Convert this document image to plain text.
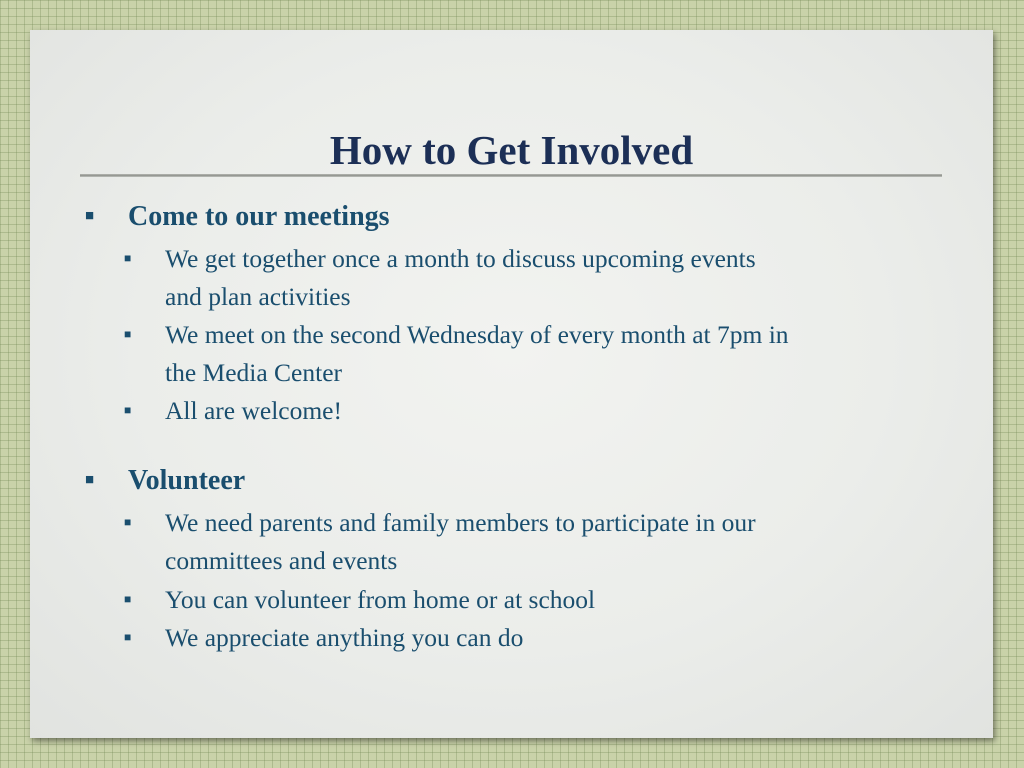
How to Get Involved
■ Come to our meetings
■ We get together once a month to discuss upcoming events
and plan activities
■ We meet on the second Wednesday of every month at 7pm in
the Media Center
■ All are welcome!
■ Volunteer
■ We need parents and family members to participate in our
committees and events
■ You can volunteer from home or at school
■ We appreciate anything you can do
